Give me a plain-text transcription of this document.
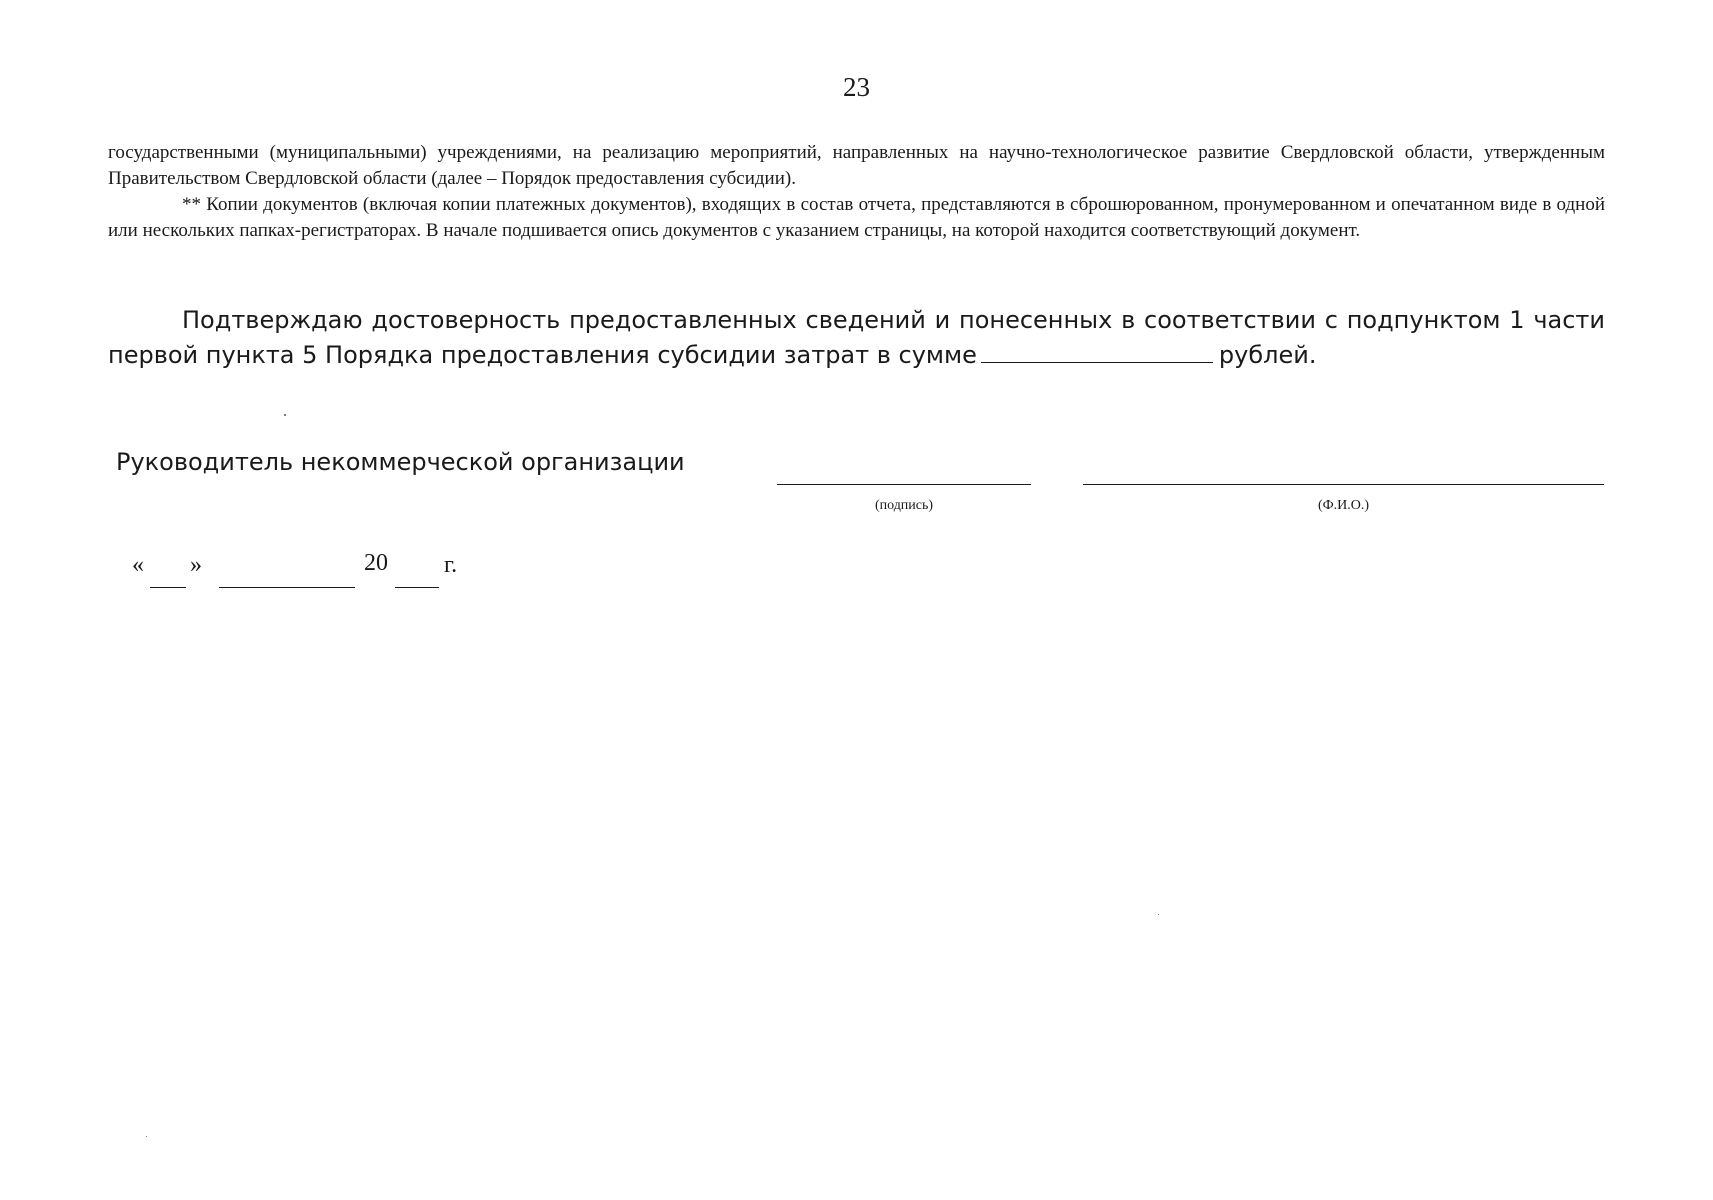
23

государственными (муниципальными) учреждениями, на реализацию мероприятий, направленных на научно-технологическое развитие Свердловской области, утвержденным Правительством Свердловской области (далее – Порядок предоставления субсидии).

** Копии документов (включая копии платежных документов), входящих в состав отчета, представляются в сброшюрованном, пронумерованном и опечатанном виде в одной или нескольких папках-регистраторах. В начале подшивается опись документов с указанием страницы, на которой находится соответствующий документ.

Подтверждаю достоверность предоставленных сведений и понесенных в соответствии с подпунктом 1 части первой пункта 5 Порядка предоставления субсидии затрат в сумме	рублей.
Руководитель некоммерческой организации
(подпись)	(Ф.И.О.)
« »	20 г.
